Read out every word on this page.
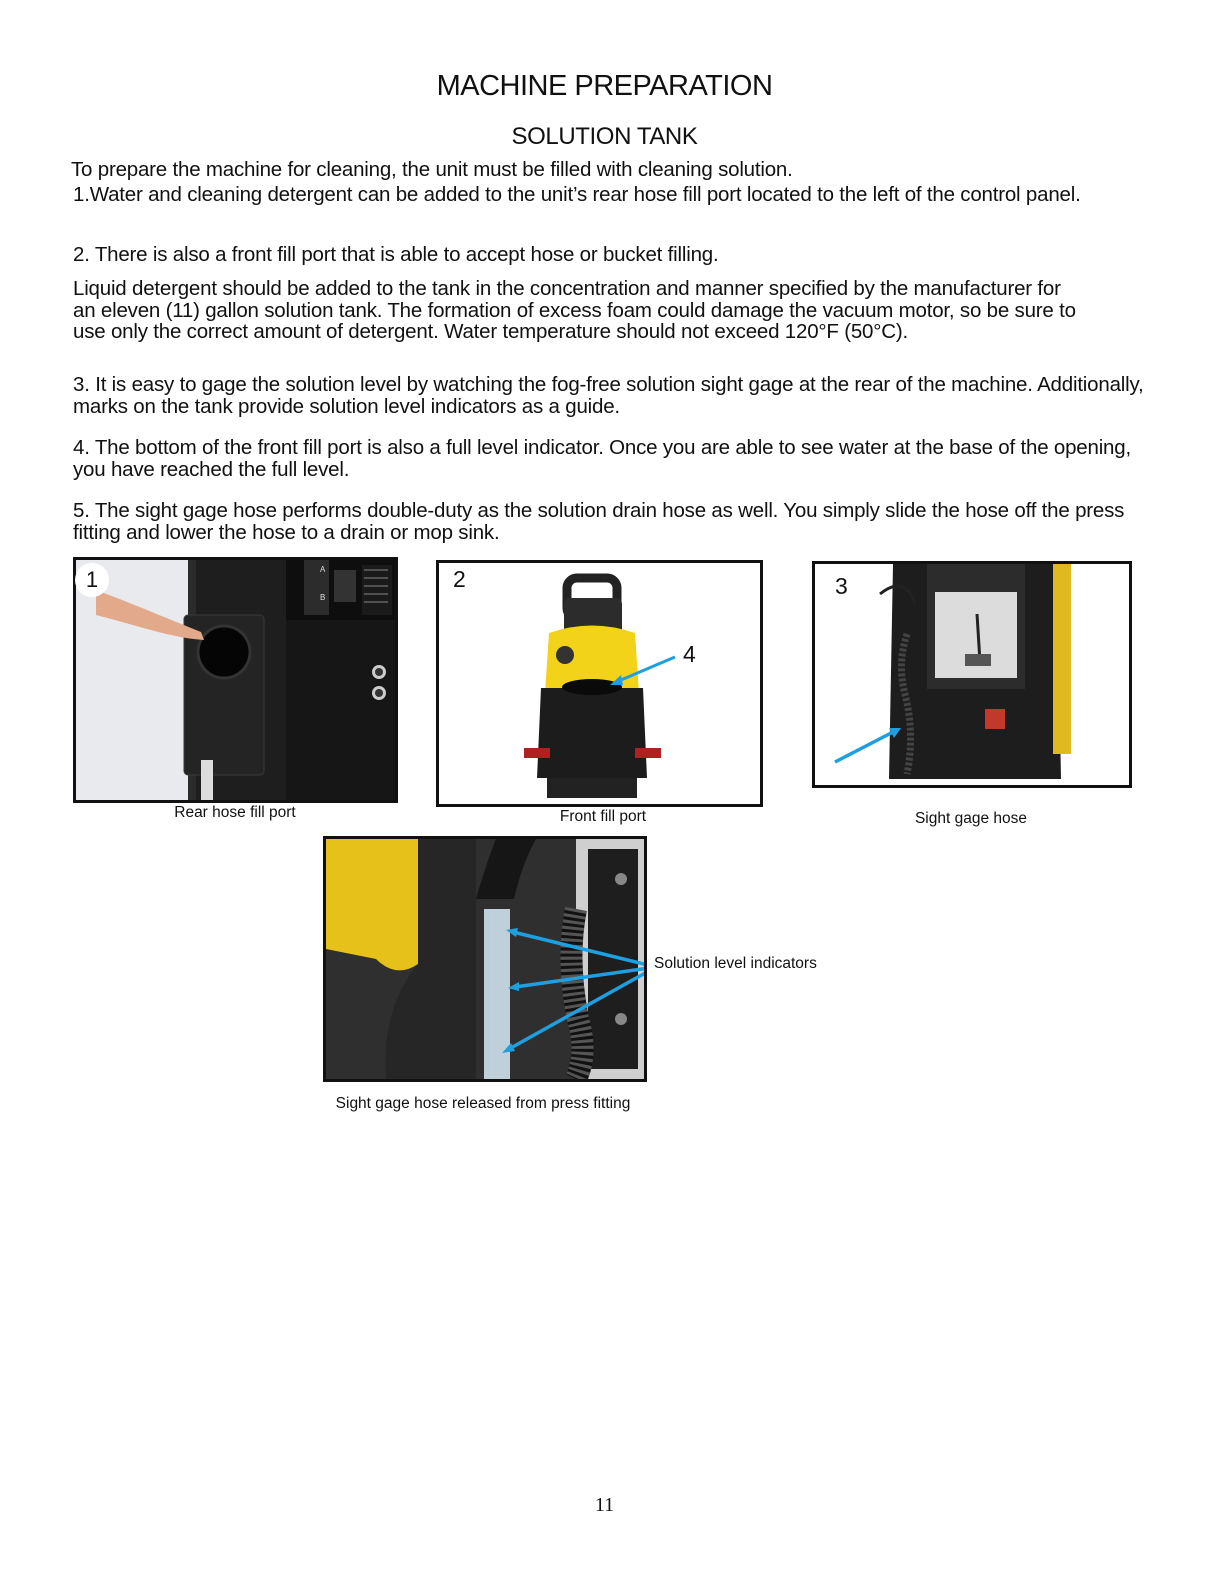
MACHINE PREPARATION
SOLUTION TANK
To prepare the machine for cleaning, the unit must be filled with cleaning solution.
1.Water and cleaning detergent can be added to the unit’s rear hose fill port located to the left of the control panel.
2. There is also a front fill port that is able to accept hose or bucket filling.
Liquid detergent should be added to the tank in the concentration and manner specified by the manufacturer for an eleven (11) gallon solution tank. The formation of excess foam could damage the vacuum motor, so be sure to use only the correct amount of detergent. Water temperature should not exceed 120°F (50°C).
3. It is easy to gage the solution level by watching the fog-free solution sight gage at the rear of the machine. Additionally, marks on the tank provide solution level indicators as a guide.
4. The bottom of the front fill port is also a full level indicator. Once you are able to see water at the base of the opening, you have reached the full level.
5. The sight gage hose performs double-duty as the solution drain hose as well. You simply slide the hose off the press fitting and lower the hose to a drain or mop sink.
A
B
1
Rear hose fill port
2
4
Front fill port
3
Sight gage hose
Solution level indicators
Sight gage hose released from press fitting
11
